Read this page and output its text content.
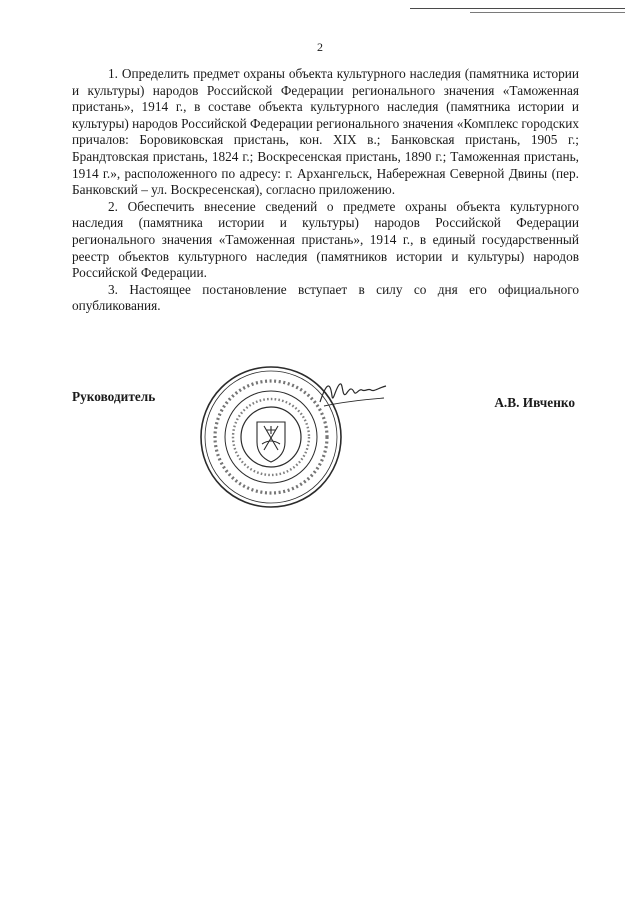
2

1. Определить предмет охраны объекта культурного наследия (памятника истории и культуры) народов Российской Федерации регионального значения «Таможенная пристань», 1914 г., в составе объекта культурного наследия (памятника истории и культуры) народов Российской Федерации регионального значения «Комплекс городских причалов: Боровиковская пристань, кон. XIX в.; Банковская пристань, 1905 г.; Брандтовская пристань, 1824 г.; Воскресенская пристань, 1890 г.; Таможенная пристань, 1914 г.», расположенного по адресу: г. Архангельск, Набережная Северной Двины (пер. Банковский – ул. Воскресенская), согласно приложению.

2. Обеспечить внесение сведений о предмете охраны объекта культурного наследия (памятника истории и культуры) народов Российской Федерации регионального значения «Таможенная пристань», 1914 г., в единый государственный реестр объектов культурного наследия (памятников истории и культуры) народов Российской Федерации.

3. Настоящее постановление вступает в силу со дня его официального опубликования.

Руководитель	А.В. Ивченко
